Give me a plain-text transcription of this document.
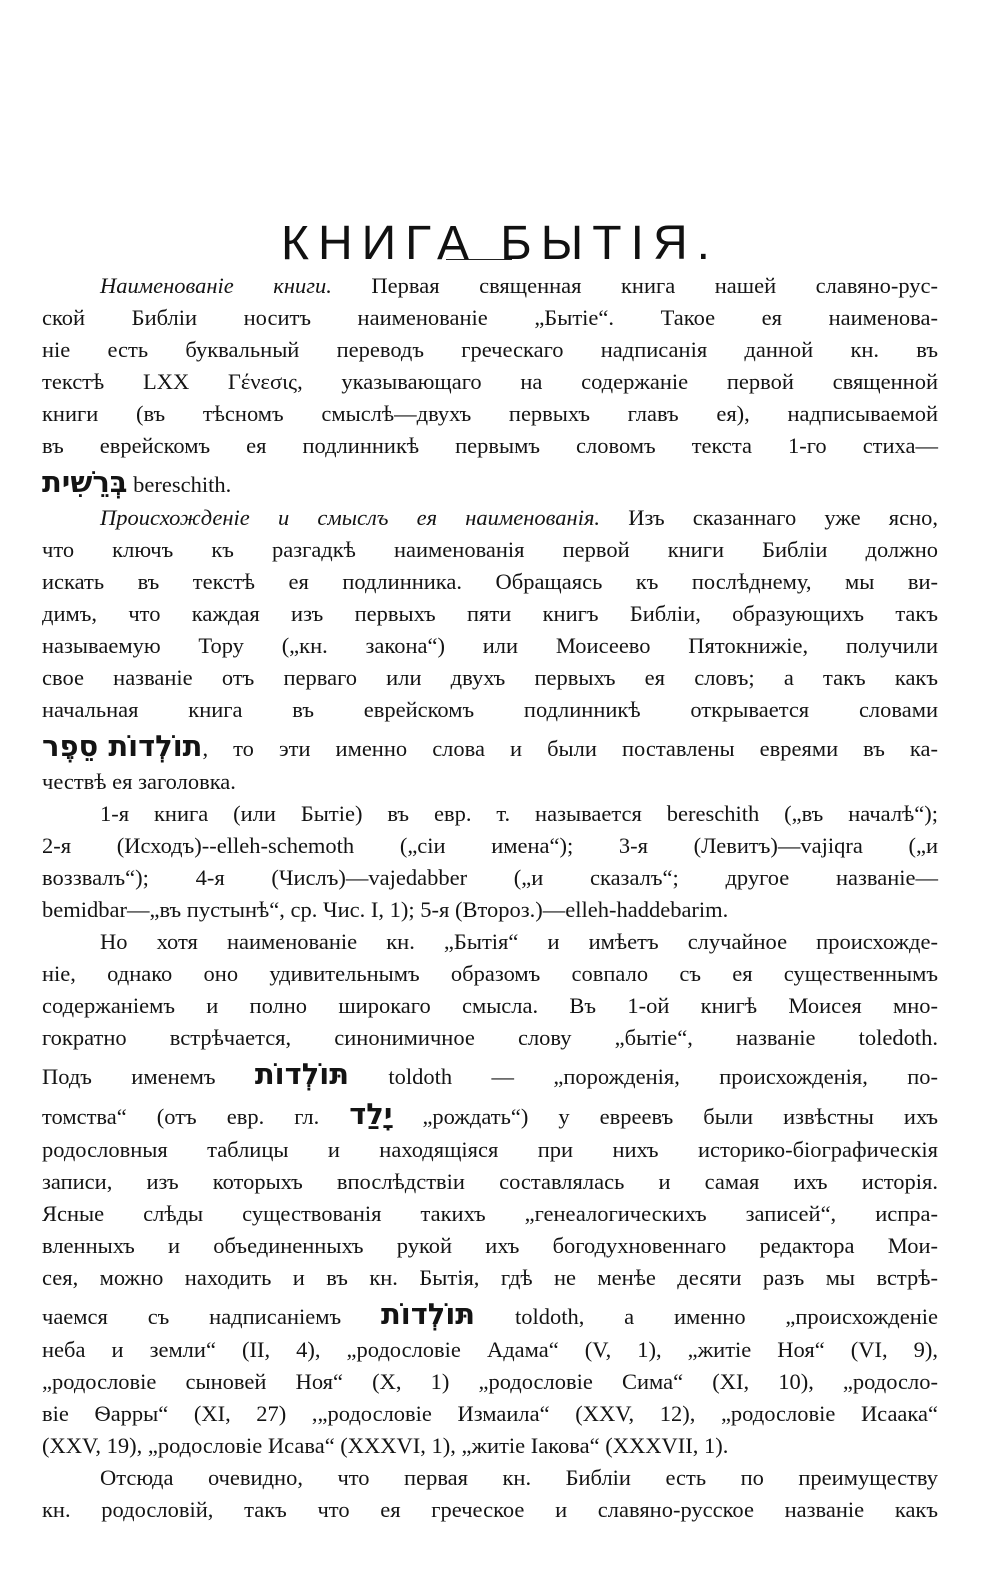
КНИГА БЫТІЯ.
Наименованіе книги. Первая священная книга нашей славяно-рус-
ской Библіи носитъ наименованіе „Бытіе“. Такое ея наименова-
ніе есть буквальный переводъ греческаго надписанія данной кн. въ
текстѣ LXX Γένεσις, указывающаго на содержаніе первой священной
книги (въ тѣсномъ смыслѣ—двухъ первыхъ главъ ея), надписываемой
въ еврейскомъ ея подлинникѣ первымъ словомъ текста 1-го стиха—
בְּרֵשִׁית bereschith.
Происхожденіе и смыслъ ея наименованія. Изъ сказаннаго уже ясно,
что ключъ къ разгадкѣ наименованія первой книги Библіи должно
искать въ текстѣ ея подлинника. Обращаясь къ послѣднему, мы ви-
димъ, что каждая изъ первыхъ пяти книгъ Библіи, образующихъ такъ
называемую Тору („кн. закона“) или Моисеево Пятокнижіе, получили
свое названіе отъ перваго или двухъ первыхъ ея словъ; а такъ какъ
начальная книга въ еврейскомъ подлинникѣ открывается словами
תוֹלְדוֹת סֵפֶר, то эти именно слова и были поставлены евреями въ ка-
чествѣ ея заголовка.
1-я книга (или Бытіе) въ евр. т. называется bereschith („въ началѣ“);
2-я (Исходъ)--elleh-schemoth („сіи имена“); 3-я (Левитъ)—vajiqra („и
воззвалъ“); 4-я (Числъ)—vajedabber („и сказалъ“; другое названіе—
bemidbar—„въ пустынѣ“, ср. Чис. I, 1); 5-я (Второз.)—elleh-haddebarim.
Но хотя наименованіе кн. „Бытія“ и имѣетъ случайное происхожде-
ніе, однако оно удивительнымъ образомъ совпало съ ея существеннымъ
содержаніемъ и полно широкаго смысла. Въ 1-ой книгѣ Моисея мно-
гократно встрѣчается, синонимичное слову „бытіе“, названіе toledoth.
Подъ именемъ תּוֹלְדוֹת toldoth — „порожденія, происхожденія, по-
томства“ (отъ евр. гл. יָלַד „рождать“) у евреевъ были извѣстны ихъ
родословныя таблицы и находящіяся при нихъ историко-біографическія
записи, изъ которыхъ впослѣдствіи составлялась и самая ихъ исторія.
Ясные слѣды существованія такихъ „генеалогическихъ записей“, испра-
вленныхъ и объединенныхъ рукой ихъ богодухновеннаго редактора Мои-
сея, можно находить и въ кн. Бытія, гдѣ не менѣе десяти разъ мы встрѣ-
чаемся съ надписаніемъ תּוֹלְדוֹת toldoth, а именно „происхожденіе
неба и земли“ (II, 4), „родословіе Адама“ (V, 1), „житіе Ноя“ (VI, 9),
„родословіе сыновей Ноя“ (X, 1) „родословіе Сима“ (XI, 10), „родосло-
віе Ѳарры“ (XI, 27) ,„родословіе Измаила“ (XXV, 12), „родословіе Исаака“
(XXV, 19), „родословіе Исава“ (XXXVI, 1), „житіе Іакова“ (XXXVII, 1).
Отсюда очевидно, что первая кн. Библіи есть по преимуществу
кн. родословій, такъ что ея греческое и славяно-русское названіе какъ
